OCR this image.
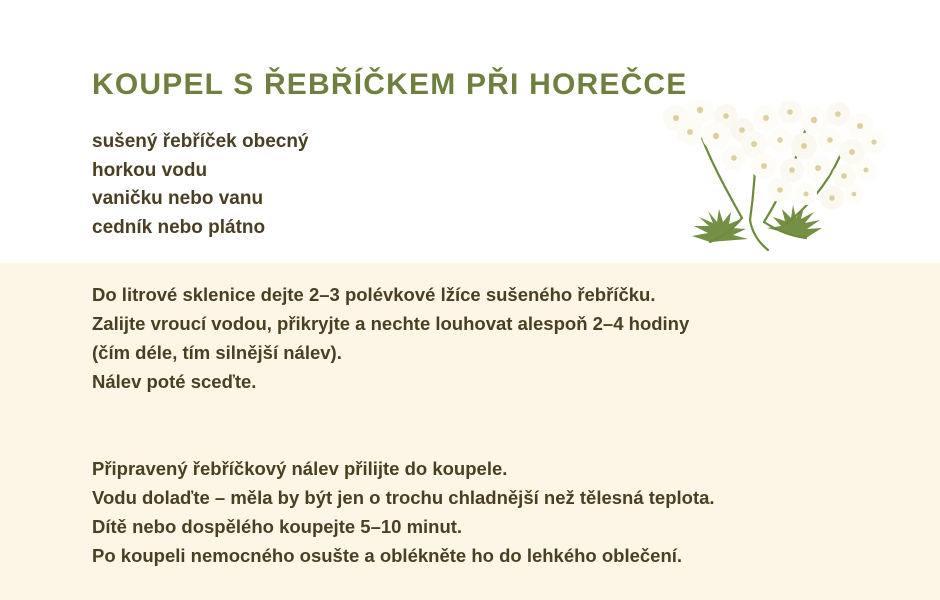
KOUPEL S ŘEBŘÍČKEM PŘI HOREČCE
sušený řebříček obecný
horkou vodu
vaničku nebo vanu
cedník nebo plátno
Do litrové sklenice dejte 2–3 polévkové lžíce sušeného řebříčku.
Zalijte vroucí vodou, přikryjte a nechte louhovat alespoň 2–4 hodiny
(čím déle, tím silnější nálev).
Nálev poté sceďte.
Připravený řebříčkový nálev přilijte do koupele.
Vodu dolaďte – měla by být jen o trochu chladnější než tělesná teplota.
Dítě nebo dospělého koupejte 5–10 minut.
Po koupeli nemocného osušte a oblékněte ho do lehkého oblečení.
